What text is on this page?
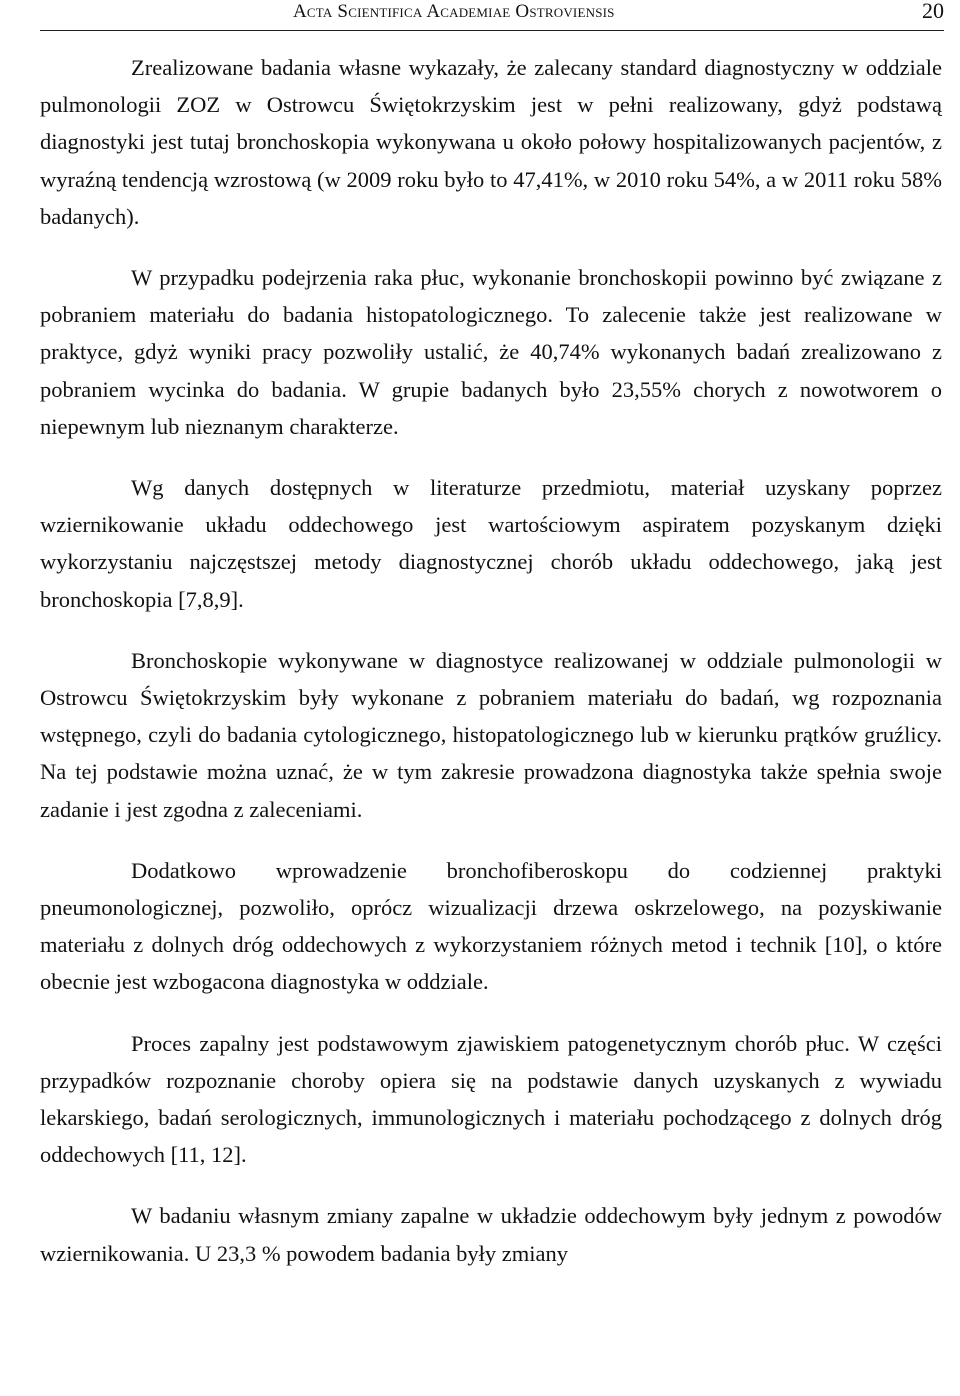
Acta Scientifica Academiae Ostroviensis	20

Zrealizowane badania własne wykazały, że zalecany standard diagnostyczny w oddziale pulmonologii ZOZ w Ostrowcu Świętokrzyskim jest w pełni realizowany, gdyż podstawą diagnostyki jest tutaj bronchoskopia wykonywana u około połowy hospitalizowanych pacjentów, z wyraźną tendencją wzrostową (w 2009 roku było to 47,41%, w 2010 roku 54%, a w 2011 roku 58% badanych).

W przypadku podejrzenia raka płuc, wykonanie bronchoskopii powinno być związane z pobraniem materiału do badania histopatologicznego. To zalecenie także jest realizowane w praktyce, gdyż wyniki pracy pozwoliły ustalić, że 40,74% wykonanych badań zrealizowano z pobraniem wycinka do badania. W grupie badanych było 23,55% chorych z nowotworem o niepewnym lub nieznanym charakterze.

Wg danych dostępnych w literaturze przedmiotu, materiał uzyskany poprzez wziernikowanie układu oddechowego jest wartościowym aspiratem pozyskanym dzięki wykorzystaniu najczęstszej metody diagnostycznej chorób układu oddechowego, jaką jest bronchoskopia [7,8,9].

Bronchoskopie wykonywane w diagnostyce realizowanej w oddziale pulmonologii w Ostrowcu Świętokrzyskim były wykonane z pobraniem materiału do badań, wg rozpoznania wstępnego, czyli do badania cytologicznego, histopatologicznego lub w kierunku prątków gruźlicy. Na tej podstawie można uznać, że w tym zakresie prowadzona diagnostyka także spełnia swoje zadanie i jest zgodna z zaleceniami.

Dodatkowo wprowadzenie bronchofiberoskopu do codziennej praktyki pneumonologicznej, pozwoliło, oprócz wizualizacji drzewa oskrzelowego, na pozyskiwanie materiału z dolnych dróg oddechowych z wykorzystaniem różnych metod i technik [10], o które obecnie jest wzbogacona diagnostyka w oddziale.

Proces zapalny jest podstawowym zjawiskiem patogenetycznym chorób płuc. W części przypadków rozpoznanie choroby opiera się na podstawie danych uzyskanych z wywiadu lekarskiego, badań serologicznych, immunologicznych i materiału pochodzącego z dolnych dróg oddechowych [11, 12].

W badaniu własnym zmiany zapalne w układzie oddechowym były jednym z powodów wziernikowania. U 23,3 % powodem badania były zmiany
